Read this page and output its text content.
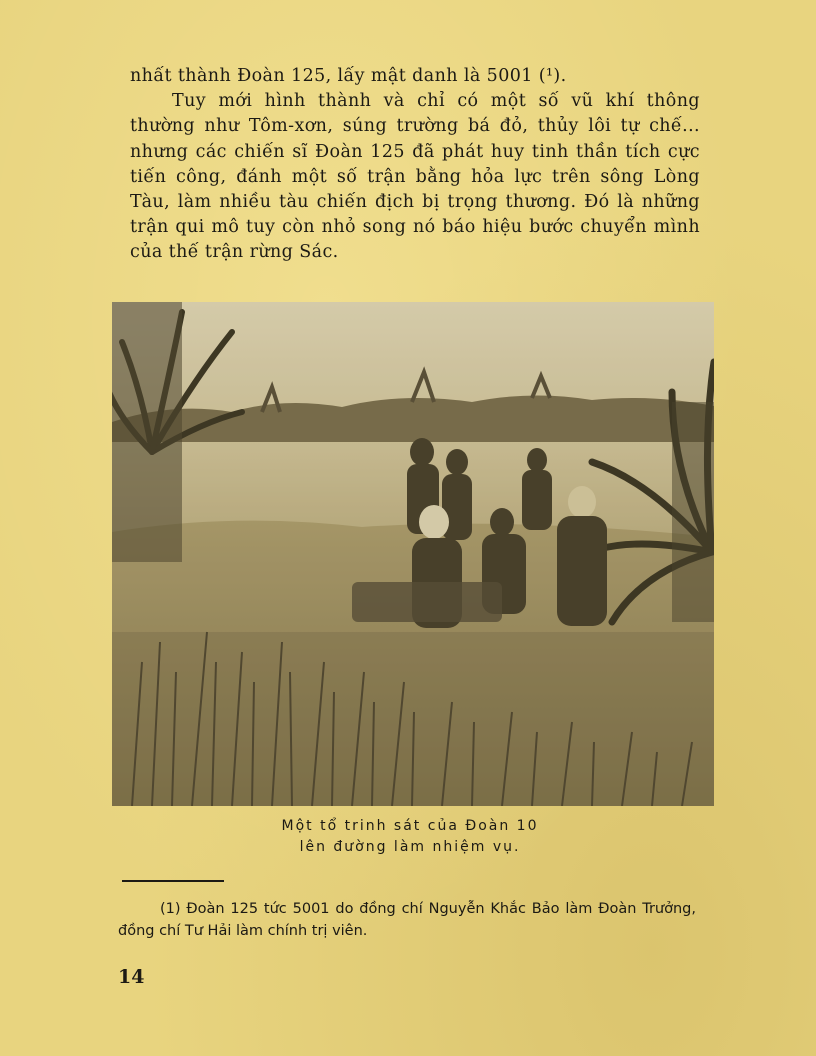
nhất thành Đoàn 125, lấy mật danh là 5001 (¹).

Tuy mới hình thành và chỉ có một số vũ khí thông thường như Tôm-xơn, súng trường bá đỏ, thủy lôi tự chế... nhưng các chiến sĩ Đoàn 125 đã phát huy tinh thần tích cực tiến công, đánh một số trận bằng hỏa lực trên sông Lòng Tàu, làm nhiều tàu chiến địch bị trọng thương. Đó là những trận qui mô tuy còn nhỏ song nó báo hiệu bước chuyển mình của thế trận rừng Sác.

Một tổ trinh sát của Đoàn 10
lên đường làm nhiệm vụ.

(1) Đoàn 125 tức 5001 do đồng chí Nguyễn Khắc Bảo làm Đoàn Trưởng, đồng chí Tư Hải làm chính trị viên.

14
